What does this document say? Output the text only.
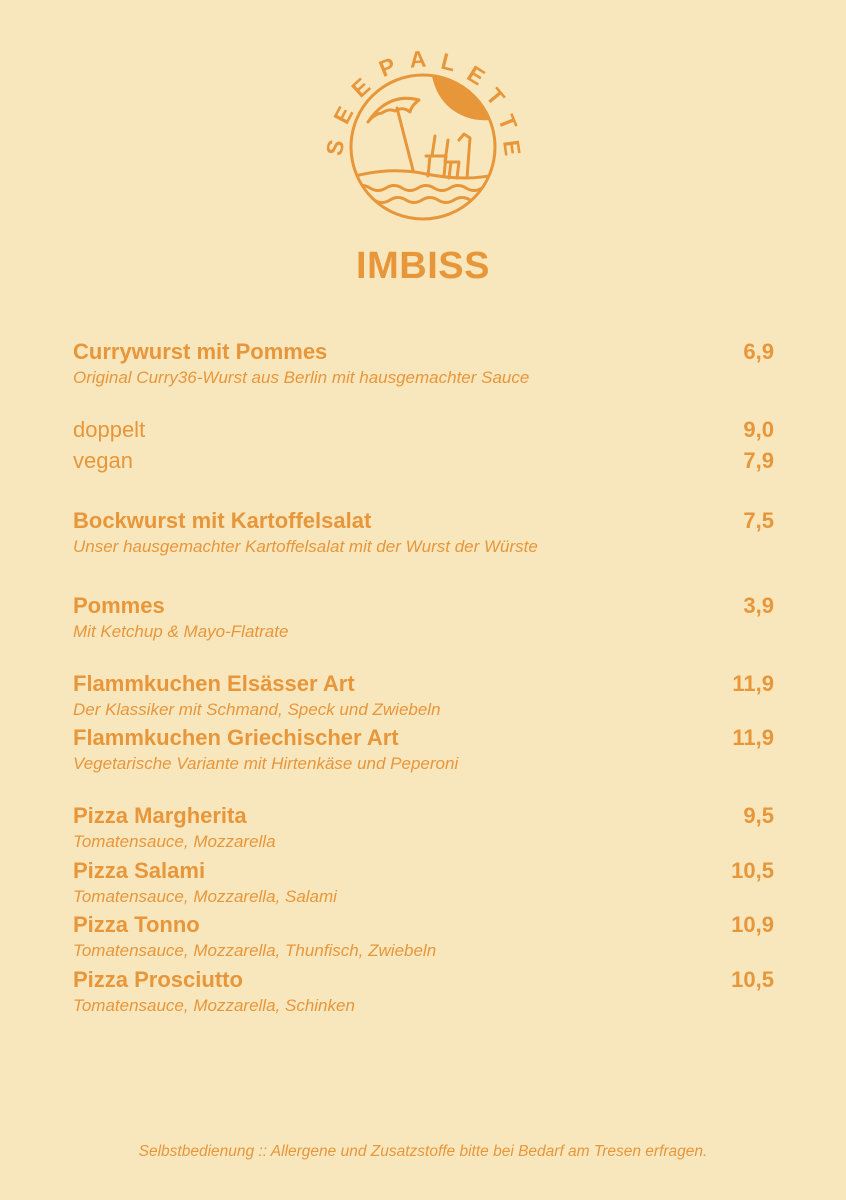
S
E
E
P A L E
T
T
E
IMBISS
Currywurst mit Pommes	6,9
Original Curry36-Wurst aus Berlin mit hausgemachter Sauce
doppelt	9,0
vegan	7,9
Bockwurst mit Kartoffelsalat	7,5
Unser hausgemachter Kartoffelsalat mit der Wurst der Würste
Pommes	3,9
Mit Ketchup & Mayo-Flatrate
Flammkuchen Elsässer Art	11,9
Der Klassiker mit Schmand, Speck und Zwiebeln
Flammkuchen Griechischer Art	11,9
Vegetarische Variante mit Hirtenkäse und Peperoni
Pizza Margherita	9,5
Tomatensauce, Mozzarella
Pizza Salami	10,5
Tomatensauce, Mozzarella, Salami
Pizza Tonno	10,9
Tomatensauce, Mozzarella, Thunfisch, Zwiebeln
Pizza Prosciutto	10,5
Tomatensauce, Mozzarella, Schinken
Selbstbedienung :: Allergene und Zusatzstoffe bitte bei Bedarf am Tresen erfragen.
